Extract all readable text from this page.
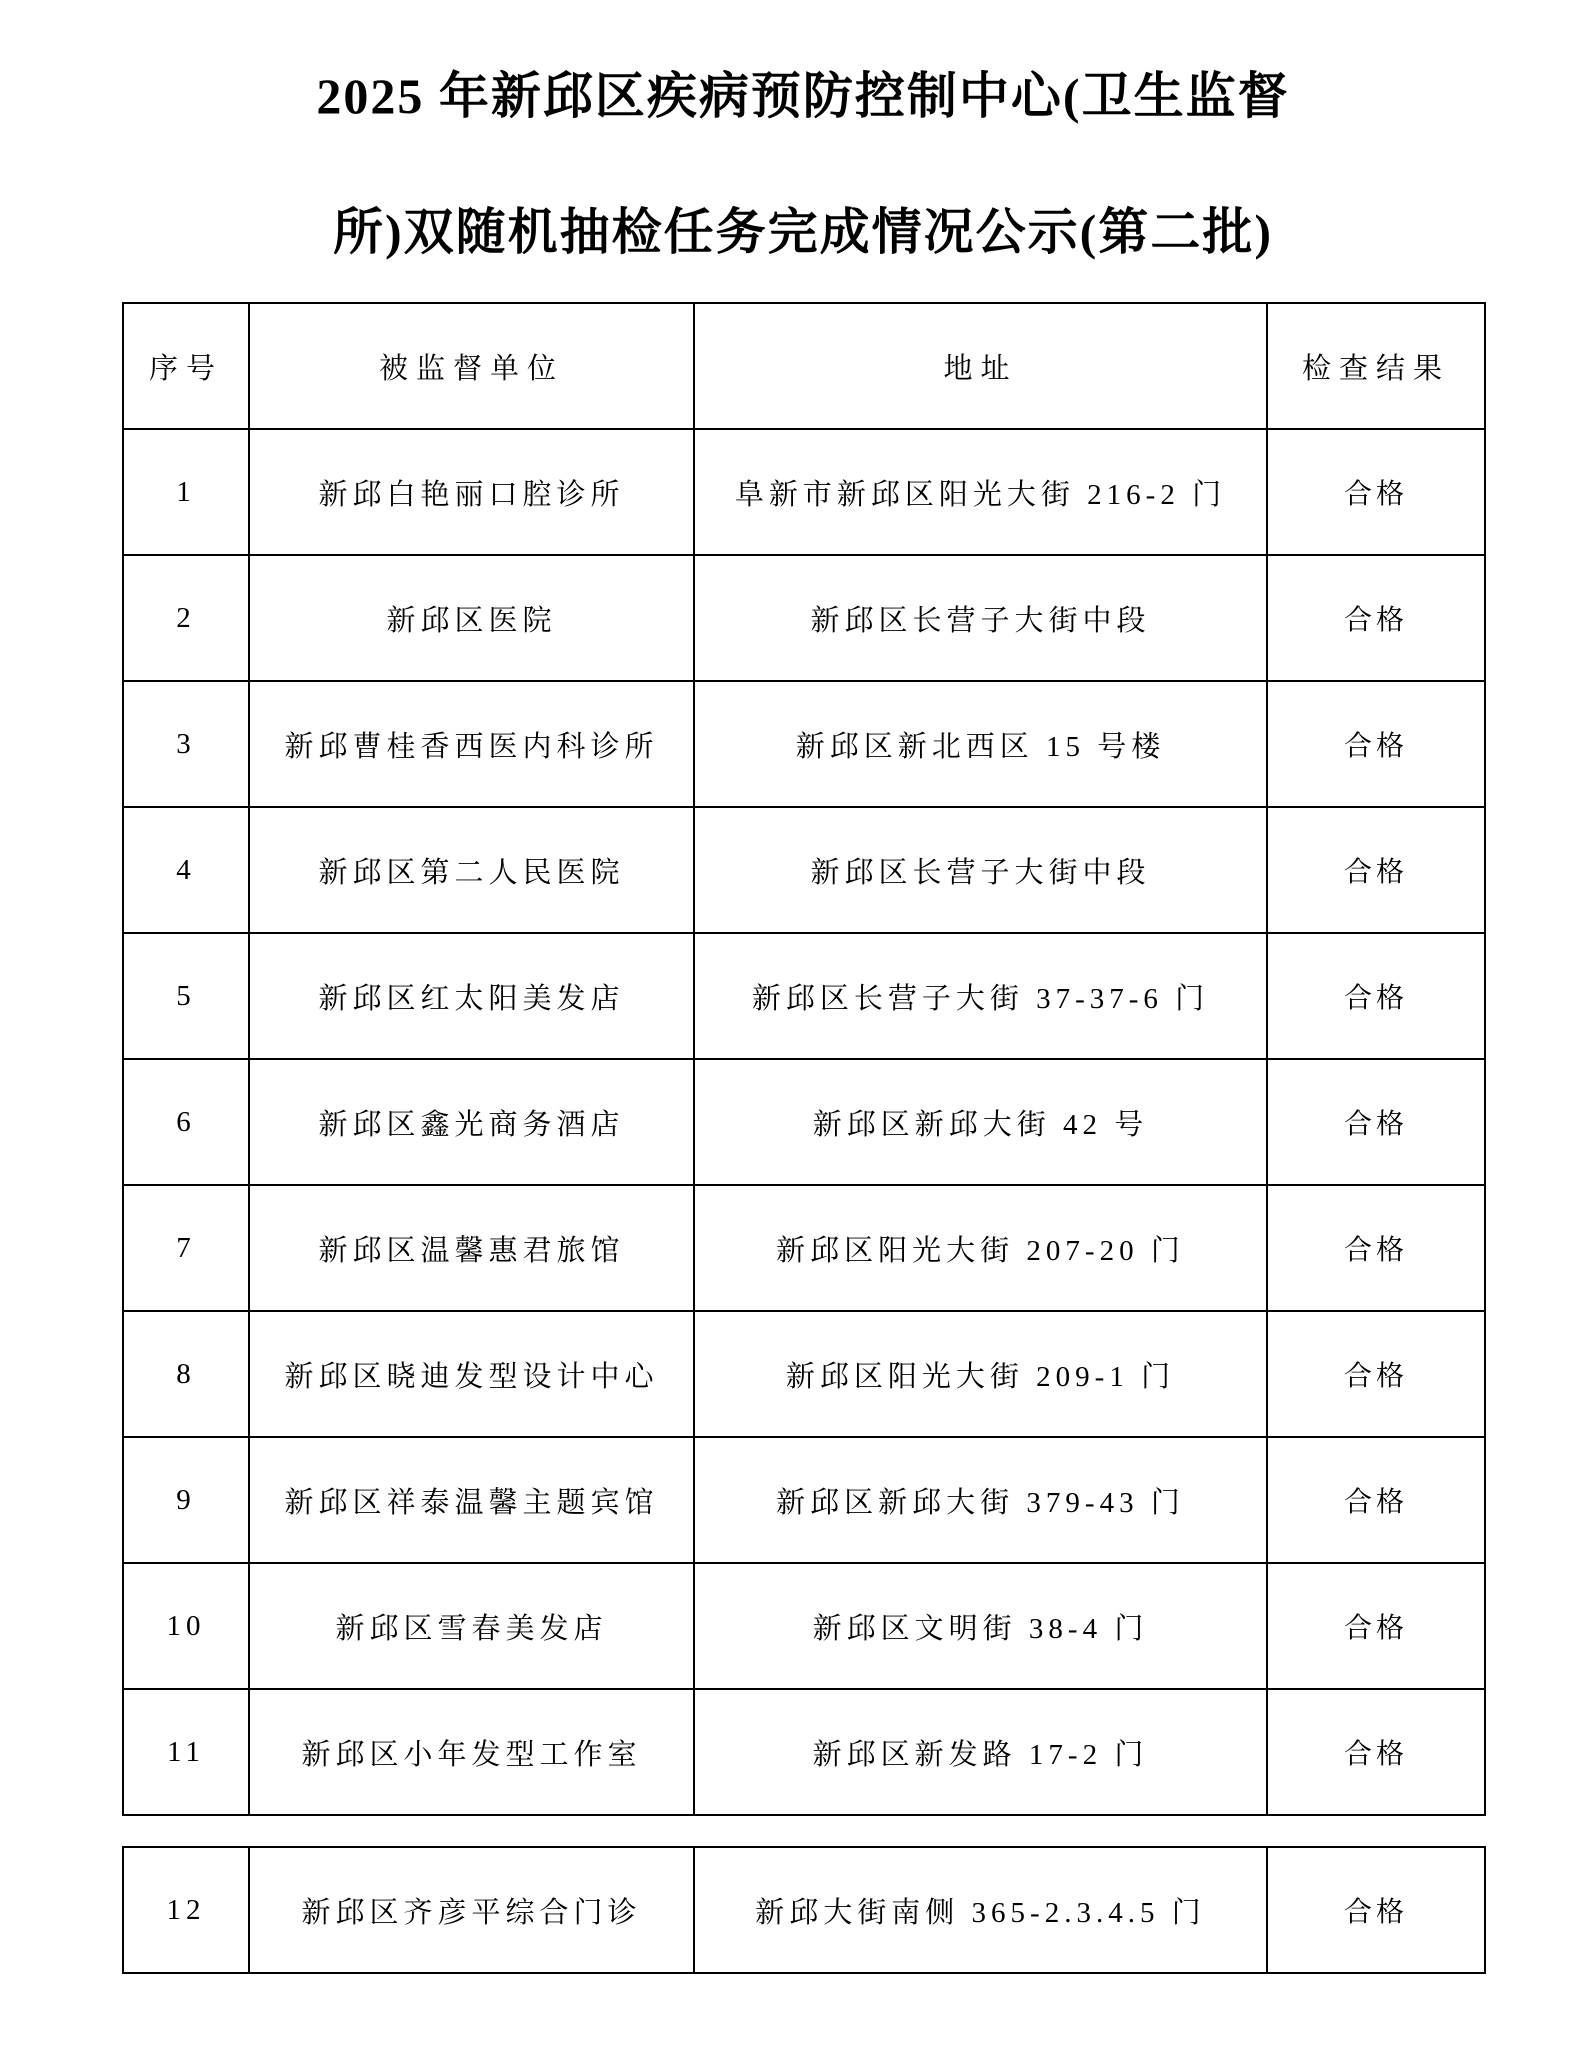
2025 年新邱区疾病预防控制中心(卫生监督
所)双随机抽检任务完成情况公示(第二批)
序号	被监督单位	地址	检查结果
1	新邱白艳丽口腔诊所	阜新市新邱区阳光大街 216-2 门	合格
2	新邱区医院	新邱区长营子大街中段	合格
3	新邱曹桂香西医内科诊所	新邱区新北西区 15 号楼	合格
4	新邱区第二人民医院	新邱区长营子大街中段	合格
5	新邱区红太阳美发店	新邱区长营子大街 37-37-6 门	合格
6	新邱区鑫光商务酒店	新邱区新邱大街 42 号	合格
7	新邱区温馨惠君旅馆	新邱区阳光大街 207-20 门	合格
8	新邱区晓迪发型设计中心	新邱区阳光大街 209-1 门	合格
9	新邱区祥泰温馨主题宾馆	新邱区新邱大街 379-43 门	合格
10	新邱区雪春美发店	新邱区文明街 38-4 门	合格
11	新邱区小年发型工作室	新邱区新发路 17-2 门	合格
12	新邱区齐彦平综合门诊	新邱大街南侧 365-2.3.4.5 门	合格
